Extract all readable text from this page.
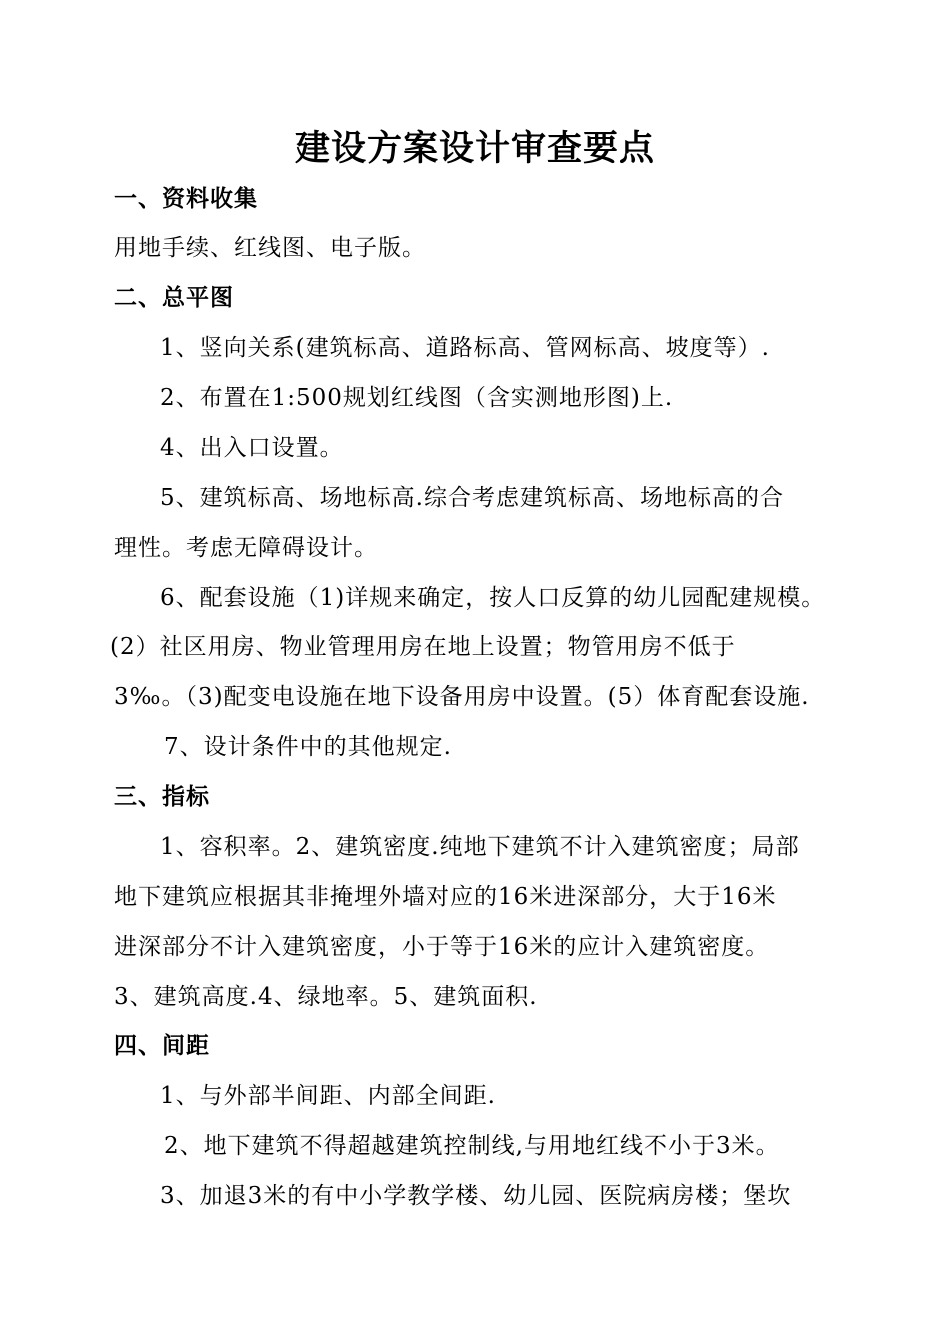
建设方案设计审查要点
一、资料收集
用地手续、红线图、电子版。
二、总平图
1、竖向关系(建筑标高、道路标高、管网标高、坡度等）.
2、布置在1:500规划红线图（含实测地形图)上.
4、出入口设置。
5、建筑标高、场地标高.综合考虑建筑标高、场地标高的合
理性。考虑无障碍设计。
6、配套设施（1)详规来确定，按人口反算的幼儿园配建规模。
(2）社区用房、物业管理用房在地上设置；物管用房不低于
3‰。（3)配变电设施在地下设备用房中设置。(5）体育配套设施.
7、设计条件中的其他规定.
三、指标
1、容积率。2、建筑密度.纯地下建筑不计入建筑密度；局部
地下建筑应根据其非掩埋外墙对应的16米进深部分，大于16米
进深部分不计入建筑密度，小于等于16米的应计入建筑密度。
3、建筑高度.4、绿地率。5、建筑面积.
四、间距
1、与外部半间距、内部全间距.
2、地下建筑不得超越建筑控制线,与用地红线不小于3米。
3、加退3米的有中小学教学楼、幼儿园、医院病房楼；堡坎
